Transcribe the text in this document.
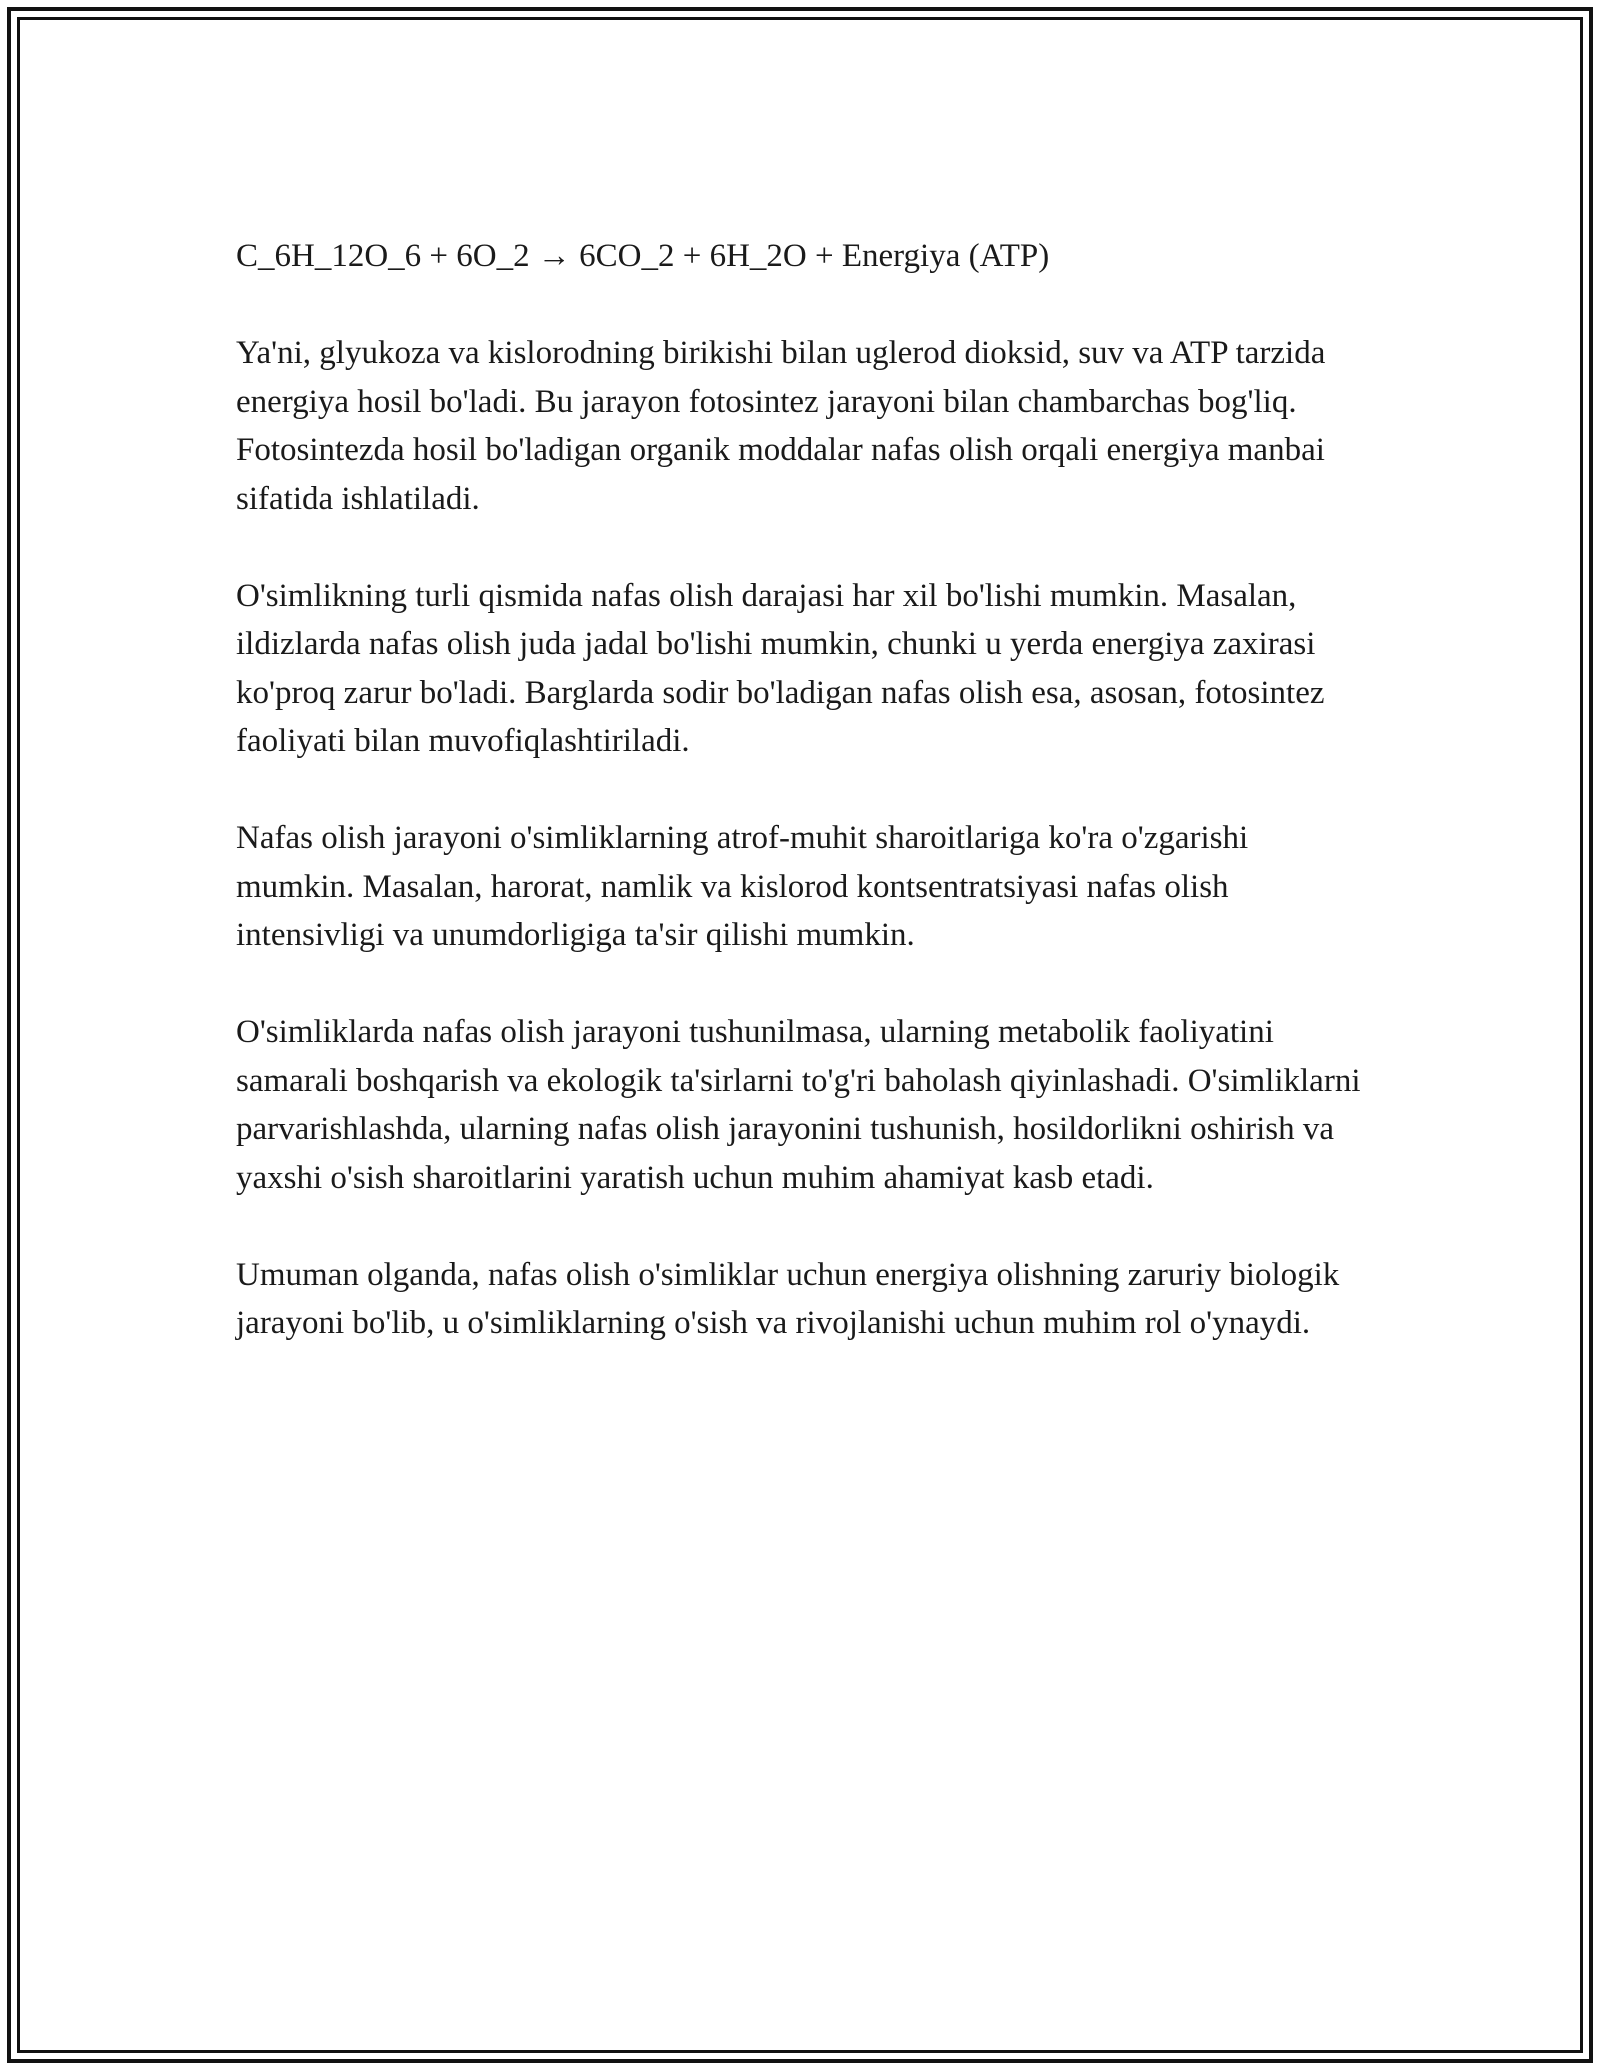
C_6H_12O_6 + 6O_2 → 6CO_2 + 6H_2O + Energiya (ATP)

Ya'ni, glyukoza va kislorodning birikishi bilan uglerod dioksid, suv va ATP tarzida energiya hosil bo'ladi. Bu jarayon fotosintez jarayoni bilan chambarchas bog'liq. Fotosintezda hosil bo'ladigan organik moddalar nafas olish orqali energiya manbai sifatida ishlatiladi.

O'simlikning turli qismida nafas olish darajasi har xil bo'lishi mumkin. Masalan, ildizlarda nafas olish juda jadal bo'lishi mumkin, chunki u yerda energiya zaxirasi ko'proq zarur bo'ladi. Barglarda sodir bo'ladigan nafas olish esa, asosan, fotosintez faoliyati bilan muvofiqlashtiriladi.

Nafas olish jarayoni o'simliklarning atrof-muhit sharoitlariga ko'ra o'zgarishi mumkin. Masalan, harorat, namlik va kislorod kontsentratsiyasi nafas olish intensivligi va unumdorligiga ta'sir qilishi mumkin.

O'simliklarda nafas olish jarayoni tushunilmasa, ularning metabolik faoliyatini samarali boshqarish va ekologik ta'sirlarni to'g'ri baholash qiyinlashadi. O'simliklarni parvarishlashda, ularning nafas olish jarayonini tushunish, hosildorlikni oshirish va yaxshi o'sish sharoitlarini yaratish uchun muhim ahamiyat kasb etadi.

Umuman olganda, nafas olish o'simliklar uchun energiya olishning zaruriy biologik jarayoni bo'lib, u o'simliklarning o'sish va rivojlanishi uchun muhim rol o'ynaydi.
